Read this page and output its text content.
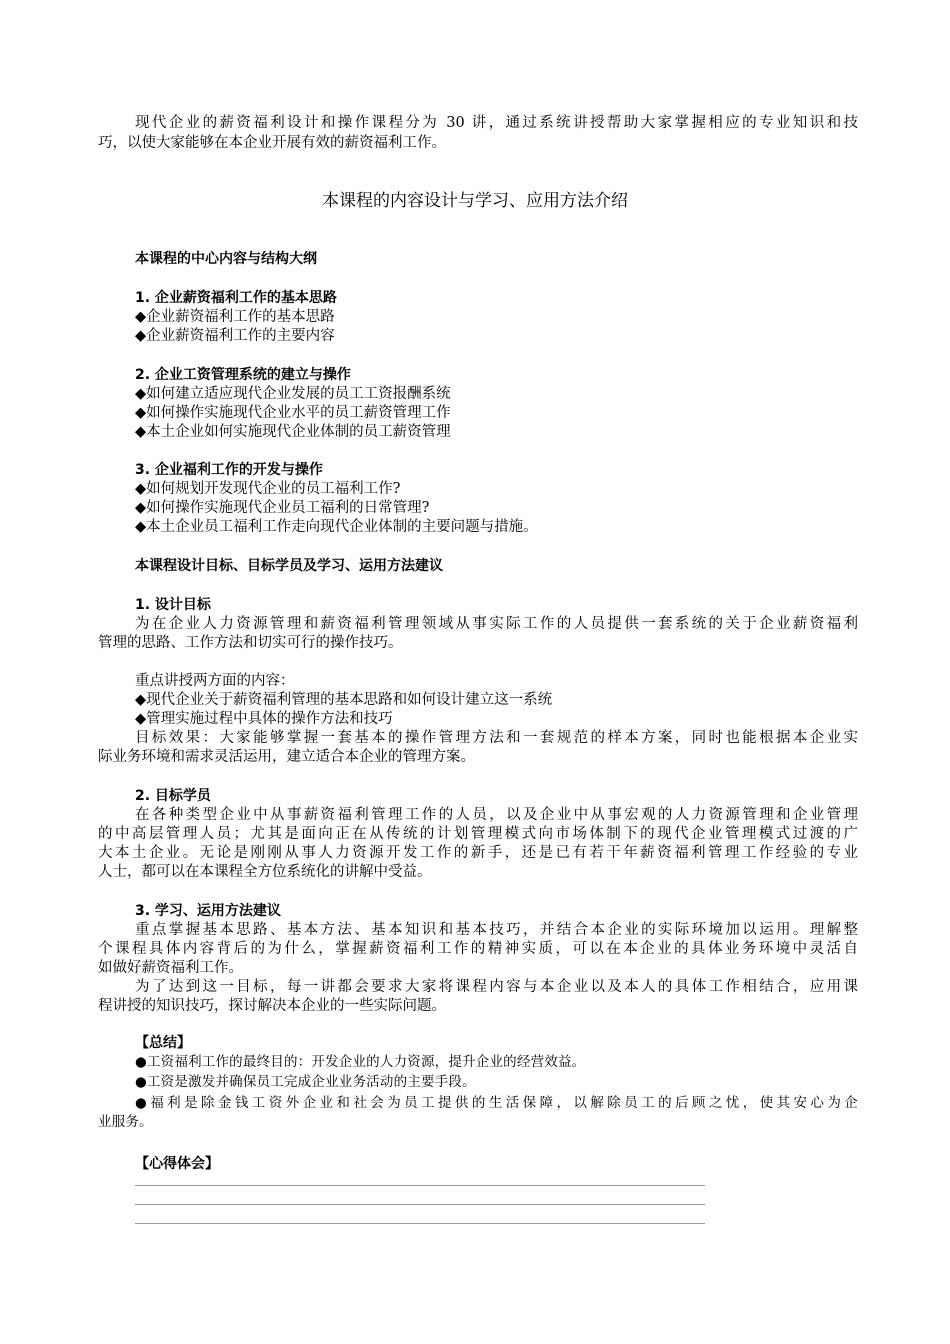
现代企业的薪资福利设计和操作课程分为 30 讲，通过系统讲授帮助大家掌握相应的专业知识和技
巧，以使大家能够在本企业开展有效的薪资福利工作。
本课程的内容设计与学习、应用方法介绍
本课程的中心内容与结构大纲
1. 企业薪资福利工作的基本思路
◆企业薪资福利工作的基本思路
◆企业薪资福利工作的主要内容
2. 企业工资管理系统的建立与操作
◆如何建立适应现代企业发展的员工工资报酬系统
◆如何操作实施现代企业水平的员工薪资管理工作
◆本土企业如何实施现代企业体制的员工薪资管理
3. 企业福利工作的开发与操作
◆如何规划开发现代企业的员工福利工作?
◆如何操作实施现代企业员工福利的日常管理?
◆本土企业员工福利工作走向现代企业体制的主要问题与措施。
本课程设计目标、目标学员及学习、运用方法建议
1. 设计目标
为在企业人力资源管理和薪资福利管理领域从事实际工作的人员提供一套系统的关于企业薪资福利
管理的思路、工作方法和切实可行的操作技巧。
重点讲授两方面的内容：
◆现代企业关于薪资福利管理的基本思路和如何设计建立这一系统
◆管理实施过程中具体的操作方法和技巧
目标效果：大家能够掌握一套基本的操作管理方法和一套规范的样本方案，同时也能根据本企业实
际业务环境和需求灵活运用，建立适合本企业的管理方案。
2. 目标学员
在各种类型企业中从事薪资福利管理工作的人员，以及企业中从事宏观的人力资源管理和企业管理
的中高层管理人员；尤其是面向正在从传统的计划管理模式向市场体制下的现代企业管理模式过渡的广
大本土企业。无论是刚刚从事人力资源开发工作的新手，还是已有若干年薪资福利管理工作经验的专业
人士，都可以在本课程全方位系统化的讲解中受益。
3. 学习、运用方法建议
重点掌握基本思路、基本方法、基本知识和基本技巧，并结合本企业的实际环境加以运用。理解整
个课程具体内容背后的为什么，掌握薪资福利工作的精神实质，可以在本企业的具体业务环境中灵活自
如做好薪资福利工作。
为了达到这一目标，每一讲都会要求大家将课程内容与本企业以及本人的具体工作相结合，应用课
程讲授的知识技巧，探讨解决本企业的一些实际问题。
【总结】
●工资福利工作的最终目的：开发企业的人力资源，提升企业的经营效益。
●工资是激发并确保员工完成企业业务活动的主要手段。
●福利是除金钱工资外企业和社会为员工提供的生活保障，以解除员工的后顾之忧，使其安心为企
业服务。
【心得体会】
